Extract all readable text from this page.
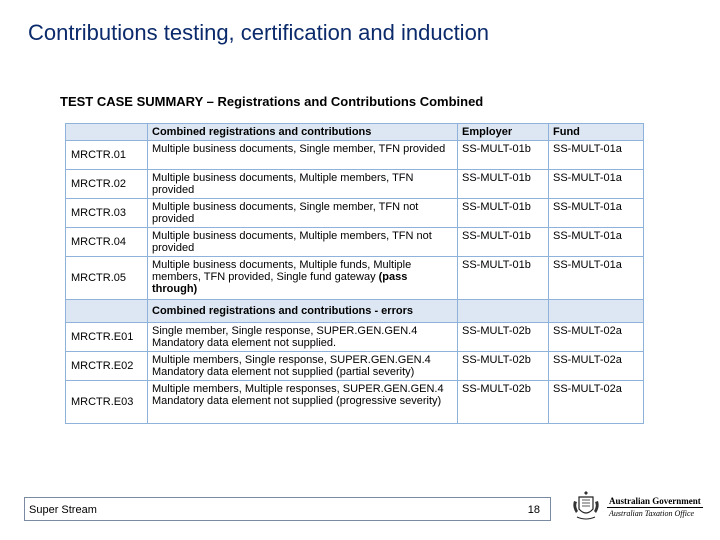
Contributions testing, certification and induction
TEST CASE SUMMARY – Registrations and Contributions Combined
	Combined registrations and contributions	Employer	Fund
MRCTR.01	Multiple business documents, Single member, TFN provided	SS-MULT-01b	SS-MULT-01a
MRCTR.02	Multiple business documents, Multiple members, TFN provided	SS-MULT-01b	SS-MULT-01a
MRCTR.03	Multiple business documents, Single member, TFN not provided	SS-MULT-01b	SS-MULT-01a
MRCTR.04	Multiple business documents, Multiple members, TFN not provided	SS-MULT-01b	SS-MULT-01a
MRCTR.05	Multiple business documents, Multiple funds, Multiple members, TFN provided, Single fund gateway (pass through)	SS-MULT-01b	SS-MULT-01a
	Combined registrations and contributions - errors		
MRCTR.E01	Single member, Single response, SUPER.GEN.GEN.4 Mandatory data element not supplied.	SS-MULT-02b	SS-MULT-02a
MRCTR.E02	Multiple members, Single response, SUPER.GEN.GEN.4 Mandatory data element not supplied (partial severity)	SS-MULT-02b	SS-MULT-02a
MRCTR.E03	Multiple members, Multiple responses, SUPER.GEN.GEN.4 Mandatory data element not supplied (progressive severity)	SS-MULT-02b	SS-MULT-02a
Super Stream	18
Australian Government
Australian Taxation Office
